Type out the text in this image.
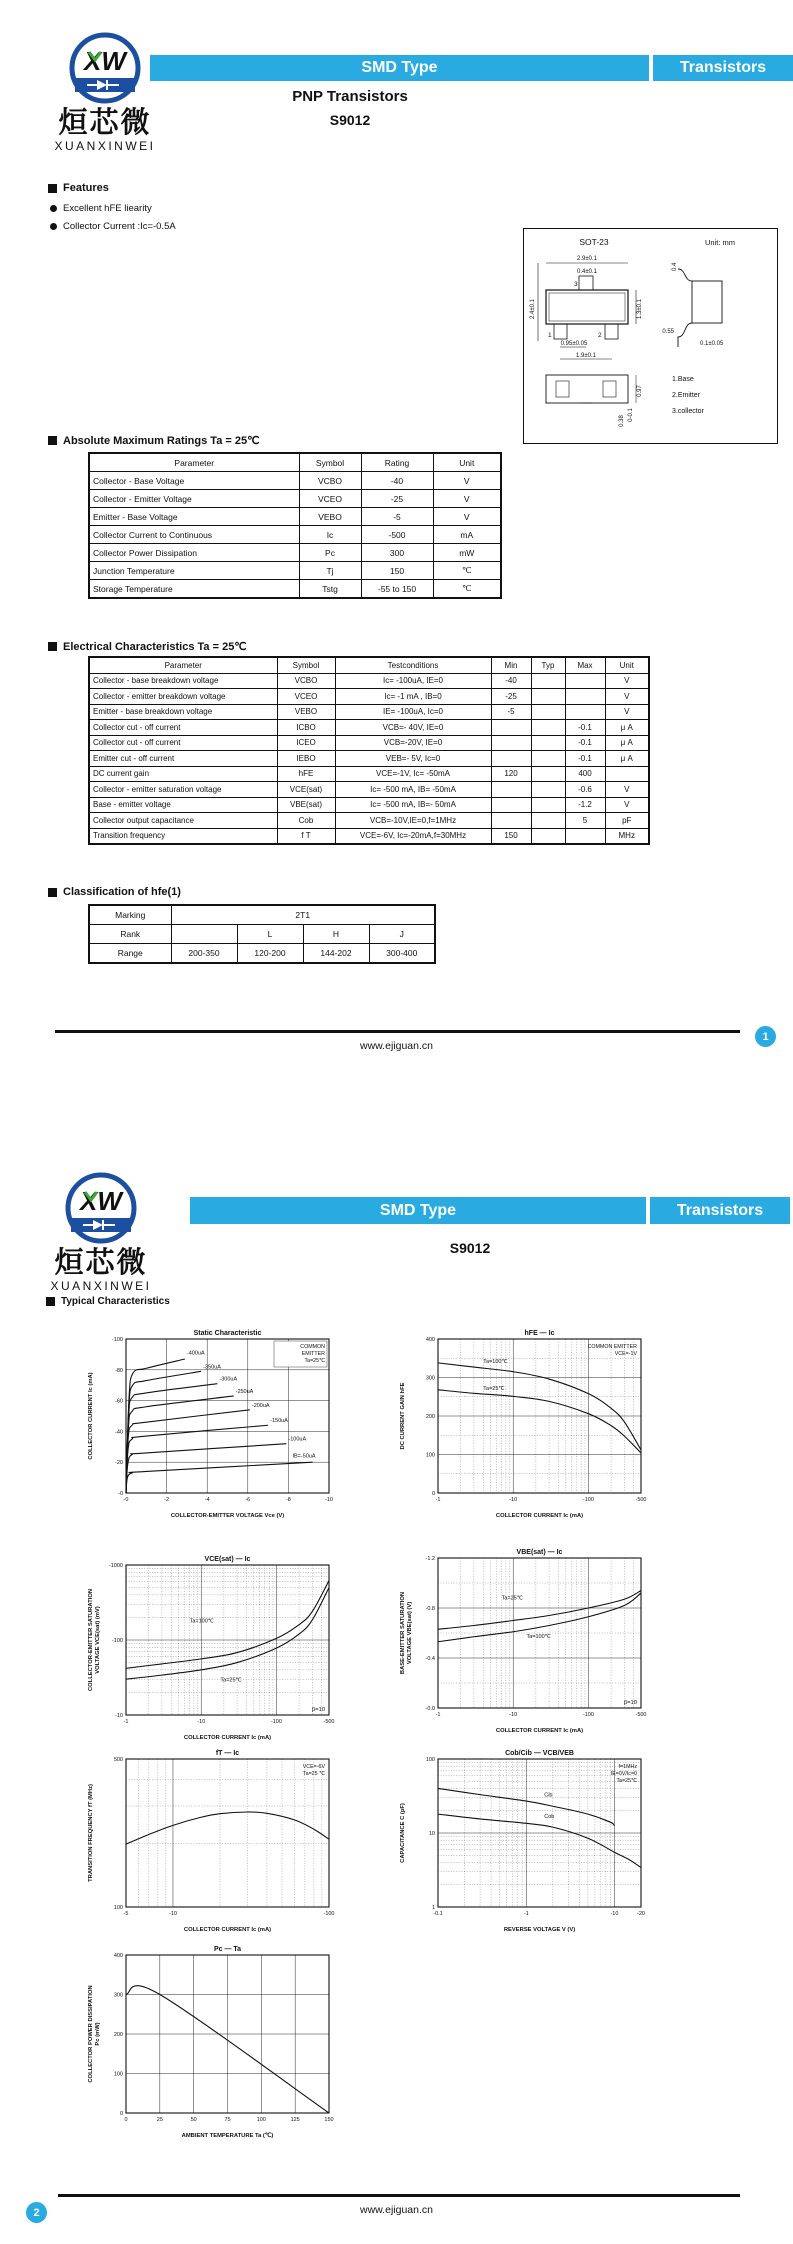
XW
烜芯微
XUANXINWEI
SMD Type	Transistors
PNP Transistors
S9012
Features
Excellent hFE liearity
Collector Current :Ic=-0.5A
SOT-23	Unit: mm
2.9±0.1
0.4±0.1
3
2.4±0.1	1.3±0.1
1	2
0.95±0.05
1.9±0.1
0.4
0.55
0.1±0.05
0.97
0-0.1
0.38
1.Base
2.Emitter
3.collector
Absolute Maximum Ratings Ta = 25℃
Parameter	Symbol	Rating	Unit
Collector - Base Voltage	VCBO	-40	V
Collector - Emitter Voltage	VCEO	-25	V
Emitter - Base Voltage	VEBO	-5	V
Collector Current to Continuous	Ic	-500	mA
Collector Power Dissipation	Pc	300	mW
Junction Temperature	Tj	150	℃
Storage Temperature	Tstg	-55 to 150	℃
Electrical Characteristics Ta = 25℃
Parameter	Symbol	Testconditions	Min	Typ	Max	Unit
Collector - base breakdown voltage	VCBO	Ic= -100uA, IE=0	-40			V
Collector - emitter breakdown voltage	VCEO	Ic= -1 mA , IB=0	-25			V
Emitter - base breakdown voltage	VEBO	IE= -100uA, Ic=0	-5			V
Collector cut - off current	ICBO	VCB=- 40V, IE=0			-0.1	μ A
Collector cut - off current	ICEO	VCB=-20V, IE=0			-0.1	μ A
Emitter cut - off current	IEBO	VEB=- 5V, Ic=0			-0.1	μ A
DC current gain	hFE	VCE=-1V, Ic= -50mA	120		400	
Collector - emitter saturation voltage	VCE(sat)	Ic= -500 mA, IB= -50mA			-0.6	V
Base - emitter voltage	VBE(sat)	Ic= -500 mA, IB=- 50mA			-1.2	V
Collector output capacitance	Cob	VCB=-10V,IE=0,f=1MHz			5	pF
Transition frequency	f T	VCE=-6V, Ic=-20mA,f=30MHz	150			MHz
Classification of hfe(1)
Marking	2T1			
Rank		L	H	J
Range	200-350	120-200	144-202	300-400
www.ejiguan.cn
1
XW
烜芯微
XUANXINWEI
SMD Type	Transistors
S9012
Typical Characteristics
-0	-2	-4	-6	-8	-10
-0
-20
-40
-60
-80
-100
COLLECTOR-EMITTER VOLTAGE Vce (V)
COLLECTOR CURRENT Ic (mA)
Static Characteristic
COMMON
EMITTER
Ta=25℃
-400uA
-350uA
-300uA
-250uA
-200uA
-150uA
-100uA
IB=-50uA
-1	-10	-100	-500
0
100
200
300
400
COLLECTOR CURRENT Ic (mA)
DC CURRENT GAIN hFE
hFE — Ic
COMMON EMITTER
VCE=-1V
Ta=100℃
Ta=25℃
-1	-10	-100	-500
-10
-100
-1000
COLLECTOR CURRENT Ic (mA)
COLLECTOR-EMITTER SATURATION VOLTAGE VCE(sat) (mV)
VCE(sat) — Ic
β=10
Ta=100℃
Ta=25℃
-1	-10	-100	-500
-0.0
-0.4
-0.8
-1.2
COLLECTOR CURRENT Ic (mA)
BASE-EMITTER SATURATION VOLTAGE VBE(sat) (V)
VBE(sat) — Ic
β=10
Ta=25℃
Ta=100℃
-5	-10	-100
100
500
COLLECTOR CURRENT Ic (mA)
TRANSITION FREQUENCY fT (MHz)
fT — Ic
VCE=-6V
Ta=25 ℃
-0.1	-1	-10	-20
1
10
100
REVERSE VOLTAGE V (V)
CAPACITANCE C (pF)
Cob/Cib — VCB/VEB
f=1MHz
IE=0V/Ic=0
Ta=25℃
Cib
Cob
0	25	50	75	100	125	150
0
100
200
300
400
AMBIENT TEMPERATURE Ta (℃)
COLLECTOR POWER DISSIPATION Pc (mW)
Pc — Ta
www.ejiguan.cn
2
